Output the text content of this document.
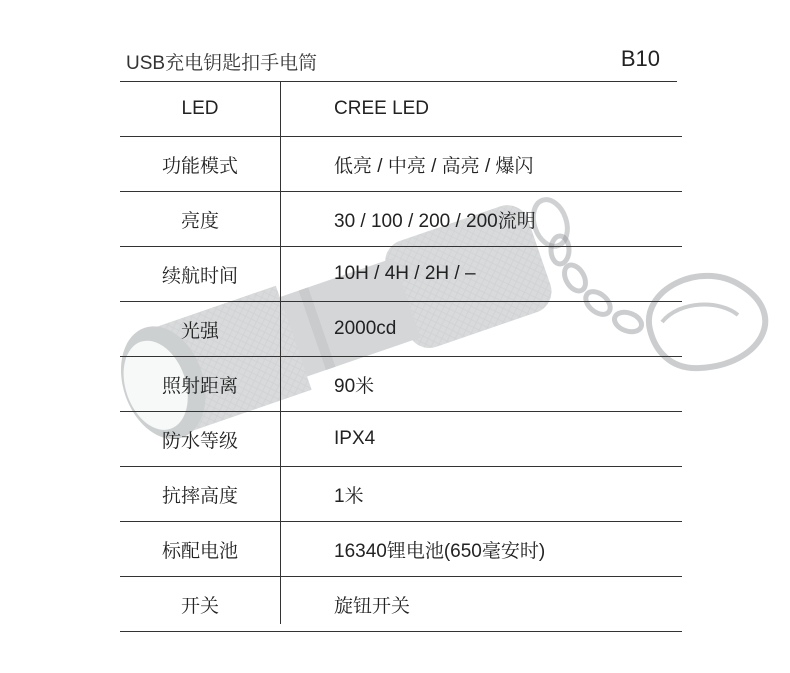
USB充电钥匙扣手电筒	B10
LED	CREE LED
功能模式	低亮 / 中亮 / 高亮 / 爆闪
亮度	30 / 100 / 200 / 200流明
续航时间	10H / 4H / 2H / –
光强	2000cd
照射距离	90米
防水等级	IPX4
抗摔高度	1米
标配电池	16340锂电池(650毫安时)
开关	旋钮开关
